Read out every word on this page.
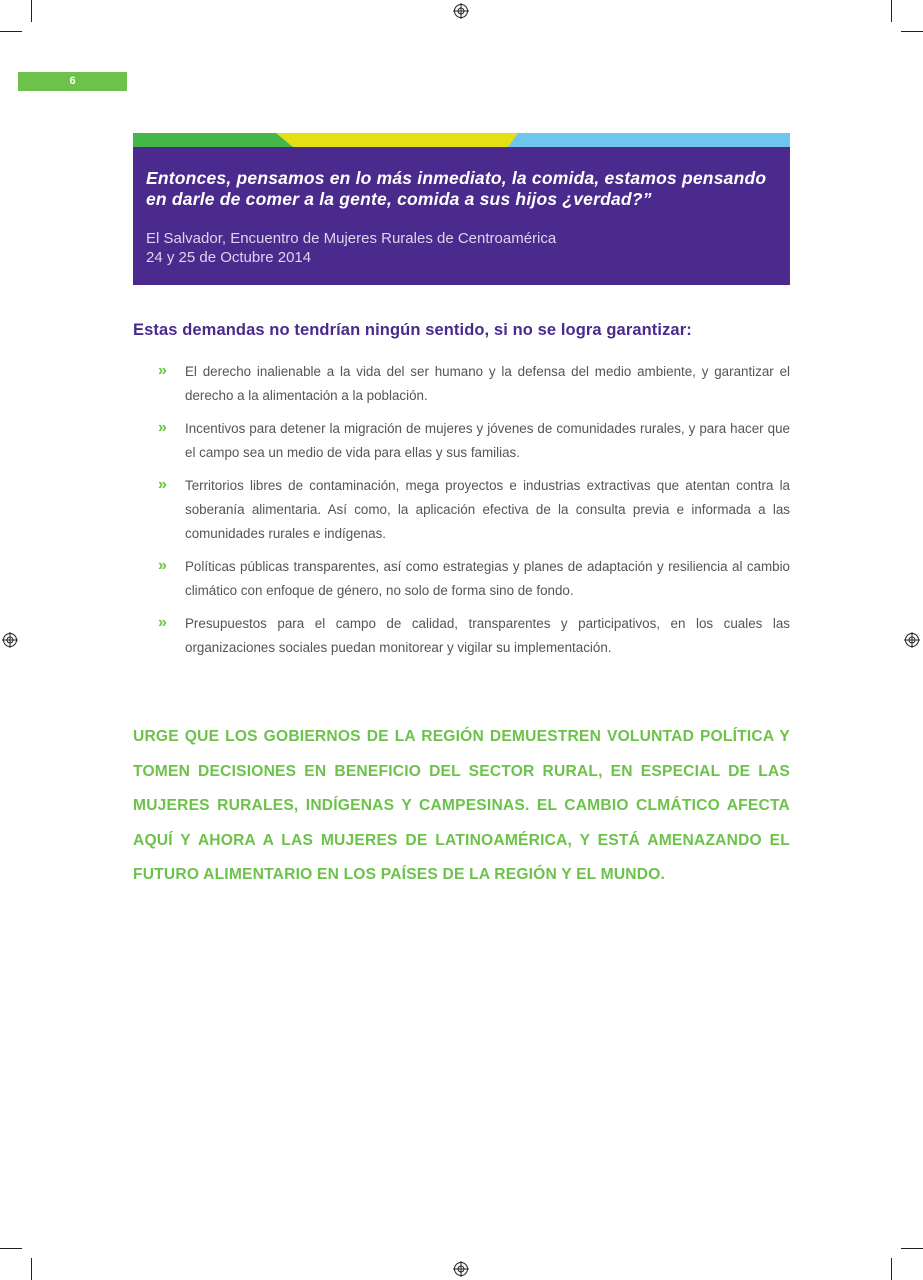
6
Entonces, pensamos en lo más inmediato, la comida, estamos pensando en darle de comer a la gente, comida a sus hijos ¿verdad?”
El Salvador, Encuentro de Mujeres Rurales de Centroamérica
24 y 25 de Octubre 2014
Estas demandas no tendrían ningún sentido, si no se logra garantizar:
» El derecho inalienable a la vida del ser humano y la defensa del medio ambiente, y garantizar el derecho a la alimentación a la población.
» Incentivos para detener la migración de mujeres y jóvenes de comunidades rurales, y para hacer que el campo sea un medio de vida para ellas y sus familias.
» Territorios libres de contaminación, mega proyectos e industrias extractivas que atentan contra la soberanía alimentaria. Así como, la aplicación efectiva de la consulta previa e informada a las comunidades rurales e indígenas.
» Políticas públicas transparentes, así como estrategias y planes de adaptación y resiliencia al cambio climático con enfoque de género, no solo de forma sino de fondo.
» Presupuestos para el campo de calidad, transparentes y participativos, en los cuales las organizaciones sociales puedan monitorear y vigilar su implementación.
URGE QUE LOS GOBIERNOS DE LA REGIÓN DEMUESTREN VOLUNTAD POLÍTICA Y TOMEN DECISIONES EN BENEFICIO DEL SECTOR RURAL, EN ESPECIAL DE LAS MUJERES RURALES, INDÍGENAS Y CAMPESINAS. EL CAMBIO CLMÁTICO AFECTA AQUÍ Y AHORA A LAS MUJERES DE LATINOAMÉRICA, Y ESTÁ AMENAZANDO EL FUTURO ALIMENTARIO EN LOS PAÍSES DE LA REGIÓN Y EL MUNDO.
